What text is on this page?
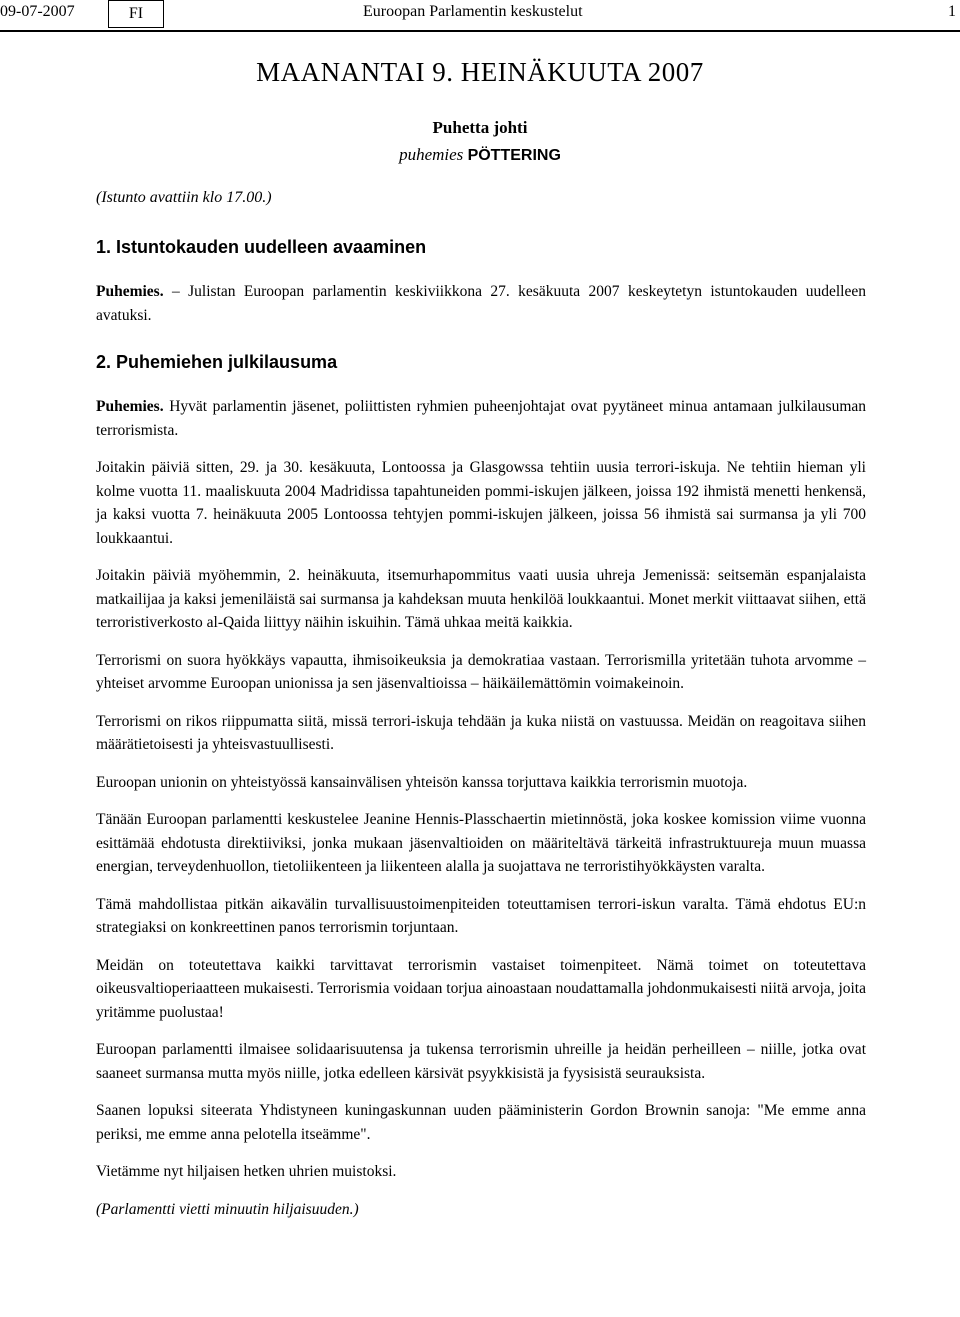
09-07-2007	FI	Euroopan Parlamentin keskustelut	1
MAANANTAI 9. HEINÄKUUTA 2007
Puhetta johti
puhemies PÖTTERING
(Istunto avattiin klo 17.00.)
1. Istuntokauden uudelleen avaaminen

Puhemies. – Julistan Euroopan parlamentin keskiviikkona 27. kesäkuuta 2007 keskeytetyn istuntokauden uudelleen avatuksi.

2. Puhemiehen julkilausuma

Puhemies. Hyvät parlamentin jäsenet, poliittisten ryhmien puheenjohtajat ovat pyytäneet minua antamaan julkilausuman terrorismista.

Joitakin päiviä sitten, 29. ja 30. kesäkuuta, Lontoossa ja Glasgowssa tehtiin uusia terrori-iskuja. Ne tehtiin hieman yli kolme vuotta 11. maaliskuuta 2004 Madridissa tapahtuneiden pommi-iskujen jälkeen, joissa 192 ihmistä menetti henkensä, ja kaksi vuotta 7. heinäkuuta 2005 Lontoossa tehtyjen pommi-iskujen jälkeen, joissa 56 ihmistä sai surmansa ja yli 700 loukkaantui.

Joitakin päiviä myöhemmin, 2. heinäkuuta, itsemurhapommitus vaati uusia uhreja Jemenissä: seitsemän espanjalaista matkailijaa ja kaksi jemeniläistä sai surmansa ja kahdeksan muuta henkilöä loukkaantui. Monet merkit viittaavat siihen, että terroristiverkosto al-Qaida liittyy näihin iskuihin. Tämä uhkaa meitä kaikkia.

Terrorismi on suora hyökkäys vapautta, ihmisoikeuksia ja demokratiaa vastaan. Terrorismilla yritetään tuhota arvomme – yhteiset arvomme Euroopan unionissa ja sen jäsenvaltioissa – häikäilemättömin voimakeinoin.

Terrorismi on rikos riippumatta siitä, missä terrori-iskuja tehdään ja kuka niistä on vastuussa. Meidän on reagoitava siihen määrätietoisesti ja yhteisvastuullisesti.

Euroopan unionin on yhteistyössä kansainvälisen yhteisön kanssa torjuttava kaikkia terrorismin muotoja.

Tänään Euroopan parlamentti keskustelee Jeanine Hennis-Plasschaertin mietinnöstä, joka koskee komission viime vuonna esittämää ehdotusta direktiiviksi, jonka mukaan jäsenvaltioiden on määriteltävä tärkeitä infrastruktuureja muun muassa energian, terveydenhuollon, tietoliikenteen ja liikenteen alalla ja suojattava ne terroristihyökkäysten varalta.

Tämä mahdollistaa pitkän aikavälin turvallisuustoimenpiteiden toteuttamisen terrori-iskun varalta. Tämä ehdotus EU:n strategiaksi on konkreettinen panos terrorismin torjuntaan.

Meidän on toteutettava kaikki tarvittavat terrorismin vastaiset toimenpiteet. Nämä toimet on toteutettava oikeusvaltioperiaatteen mukaisesti. Terrorismia voidaan torjua ainoastaan noudattamalla johdonmukaisesti niitä arvoja, joita yritämme puolustaa!

Euroopan parlamentti ilmaisee solidaarisuutensa ja tukensa terrorismin uhreille ja heidän perheilleen – niille, jotka ovat saaneet surmansa mutta myös niille, jotka edelleen kärsivät psyykkisistä ja fyysisistä seurauksista.

Saanen lopuksi siteerata Yhdistyneen kuningaskunnan uuden pääministerin Gordon Brownin sanoja: "Me emme anna periksi, me emme anna pelotella itseämme".

Vietämme nyt hiljaisen hetken uhrien muistoksi.

(Parlamentti vietti minuutin hiljaisuuden.)
